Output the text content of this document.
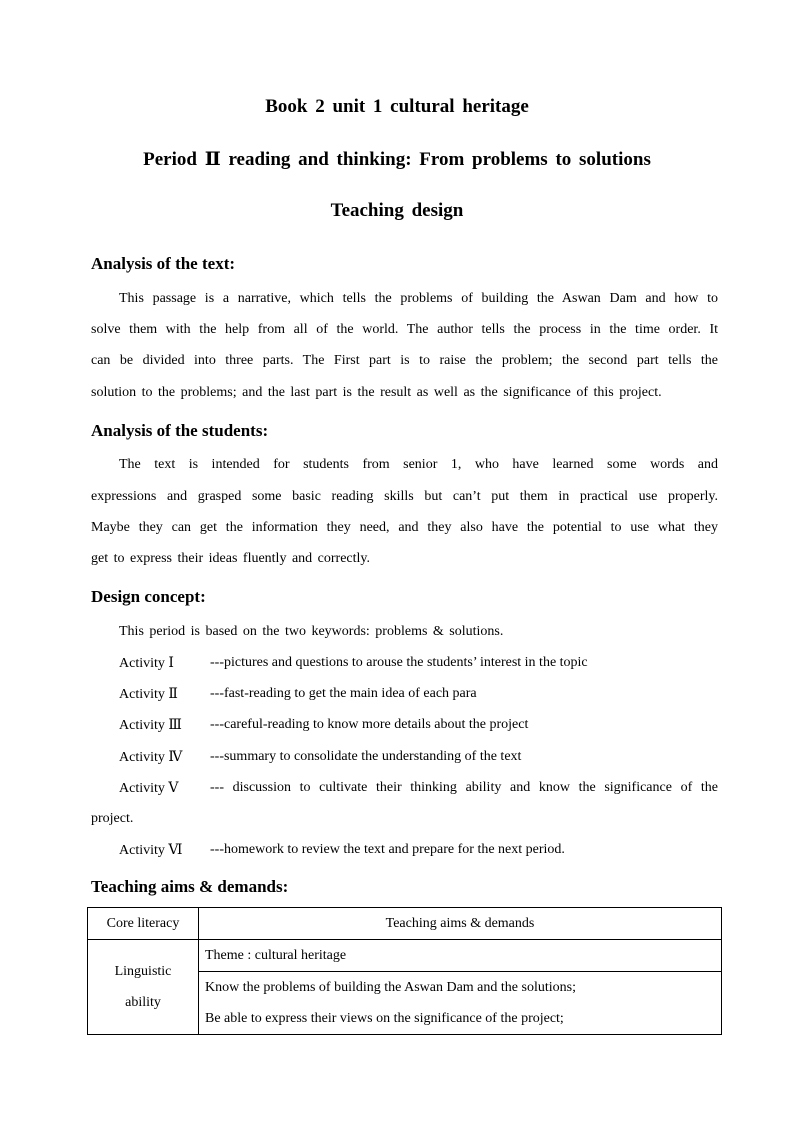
Book 2 unit 1 cultural heritage
Period Ⅱ reading and thinking: From problems to solutions
Teaching design
Analysis of the text:
This passage is a narrative, which tells the problems of building the Aswan Dam and how to
solve them with the help from all of the world. The author tells the process in the time order. It
can be divided into three parts. The First part is to raise the problem; the second part tells the
solution to the problems; and the last part is the result as well as the significance of this project.
Analysis of the students:
The text is intended for students from senior 1, who have learned some words and
expressions and grasped some basic reading skills but can’t put them in practical use properly.
Maybe they can get the information they need, and they also have the potential to use what they
get to express their ideas fluently and correctly.
Design concept:
This period is based on the two keywords: problems & solutions.
Activity Ⅰ	---pictures and questions to arouse the students’ interest in the topic
Activity Ⅱ ---fast-reading to get the main idea of each para
Activity Ⅲ ---careful-reading to know more details about the project
Activity Ⅳ ---summary to consolidate the understanding of the text
Activity Ⅴ --- discussion to cultivate their thinking ability and know the significance of the
project.
Activity Ⅵ ---homework to review the text and prepare for the next period.
Teaching aims & demands:
Core literacy	Teaching aims & demands

Linguistic
ability	Theme : cultural heritage

	Know the problems of building the Aswan Dam and the solutions;
Be able to express their views on the significance of the project;
